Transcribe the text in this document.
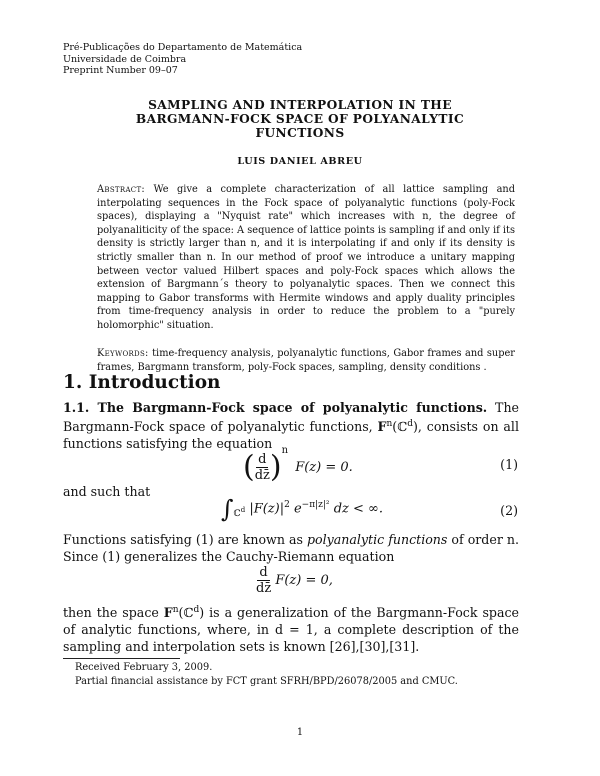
Pré-Publicações do Departamento de Matemática
Universidade de Coimbra
Preprint Number 09–07
SAMPLING AND INTERPOLATION IN THE
BARGMANN-FOCK SPACE OF POLYANALYTIC
FUNCTIONS
LUIS DANIEL ABREU
Abstract: We give a complete characterization of all lattice sampling and interpolating sequences in the Fock space of polyanalytic functions (poly-Fock spaces), displaying a "Nyquist rate" which increases with n, the degree of polyanaliticity of the space: A sequence of lattice points is sampling if and only if its density is strictly larger than n, and it is interpolating if and only if its density is strictly smaller than n. In our method of proof we introduce a unitary mapping between vector valued Hilbert spaces and poly-Fock spaces which allows the extension of Bargmann´s theory to polyanalytic spaces. Then we connect this mapping to Gabor transforms with Hermite windows and apply duality principles from time-frequency analysis in order to reduce the problem to a "purely holomorphic" situation.
1. Introduction
1.1. The Bargmann-Fock space of polyanalytic functions. The Bargmann-Fock space of polyanalytic functions, $F^n(ℂ^d)$, consists on all functions satisfying the equation
( $\frac{d}{dz̄} )^n$ F(z) = 0.	(1)
and such that
$\int_{ℂ^d}$ $|F(z)|^2$ $e^{-\pi|z|^2}$ dz < ∞.	(2)
Functions satisfying (1) are known as polyanalytic functions of order n. Since (1) generalizes the Cauchy-Riemann equation
$\frac{d}{dz̄} F(z) = 0$,
then the space $F^n(ℂ^d)$ is a generalization of the Bargmann-Fock space of analytic functions, where, in d = 1, a complete description of the sampling and interpolation sets is known [26],[30],[31].
Received February 3, 2009.
Partial financial assistance by FCT grant SFRH/BPD/26078/2005 and CMUC.
1
Keywords: time-frequency analysis, polyanalytic functions, Gabor frames and super frames, Bargmann transform, poly-Fock spaces, sampling, density conditions .
